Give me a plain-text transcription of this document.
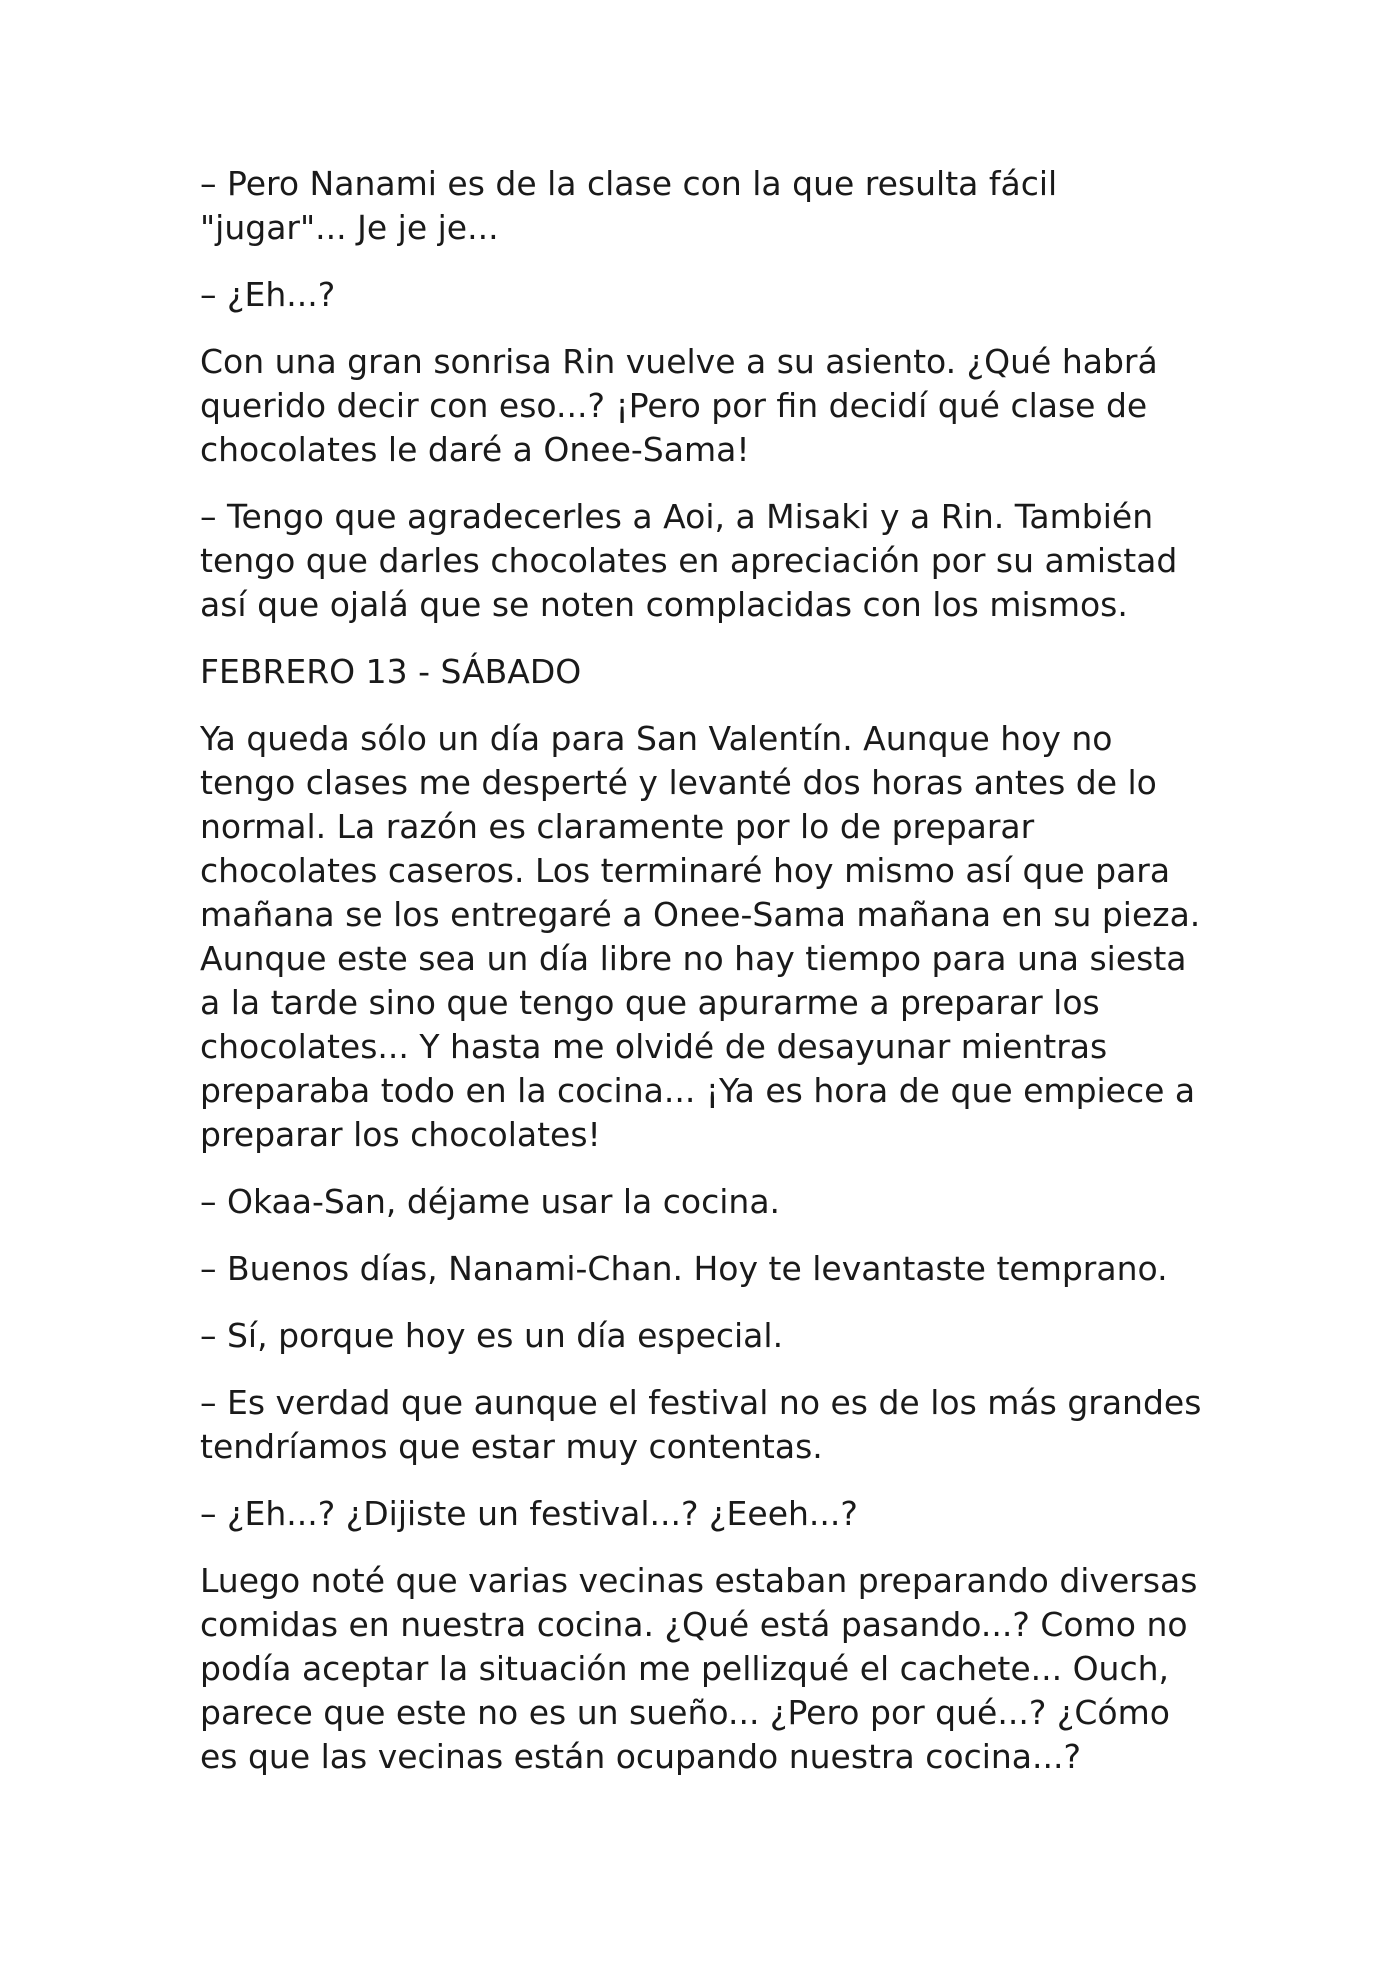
– Pero Nanami es de la clase con la que resulta fácil
"jugar"... Je je je...

– ¿Eh...?

Con una gran sonrisa Rin vuelve a su asiento. ¿Qué habrá
querido decir con eso...? ¡Pero por fin decidí qué clase de
chocolates le daré a Onee-Sama!

– Tengo que agradecerles a Aoi, a Misaki y a Rin. También
tengo que darles chocolates en apreciación por su amistad
así que ojalá que se noten complacidas con los mismos.

FEBRERO 13 - SÁBADO

Ya queda sólo un día para San Valentín. Aunque hoy no
tengo clases me desperté y levanté dos horas antes de lo
normal. La razón es claramente por lo de preparar
chocolates caseros. Los terminaré hoy mismo así que para
mañana se los entregaré a Onee-Sama mañana en su pieza.
Aunque este sea un día libre no hay tiempo para una siesta
a la tarde sino que tengo que apurarme a preparar los
chocolates... Y hasta me olvidé de desayunar mientras
preparaba todo en la cocina... ¡Ya es hora de que empiece a
preparar los chocolates!

– Okaa-San, déjame usar la cocina.

– Buenos días, Nanami-Chan. Hoy te levantaste temprano.

– Sí, porque hoy es un día especial.

– Es verdad que aunque el festival no es de los más grandes
tendríamos que estar muy contentas.

– ¿Eh...? ¿Dijiste un festival...? ¿Eeeh...?

Luego noté que varias vecinas estaban preparando diversas
comidas en nuestra cocina. ¿Qué está pasando...? Como no
podía aceptar la situación me pellizqué el cachete... Ouch,
parece que este no es un sueño... ¿Pero por qué...? ¿Cómo
es que las vecinas están ocupando nuestra cocina...?
